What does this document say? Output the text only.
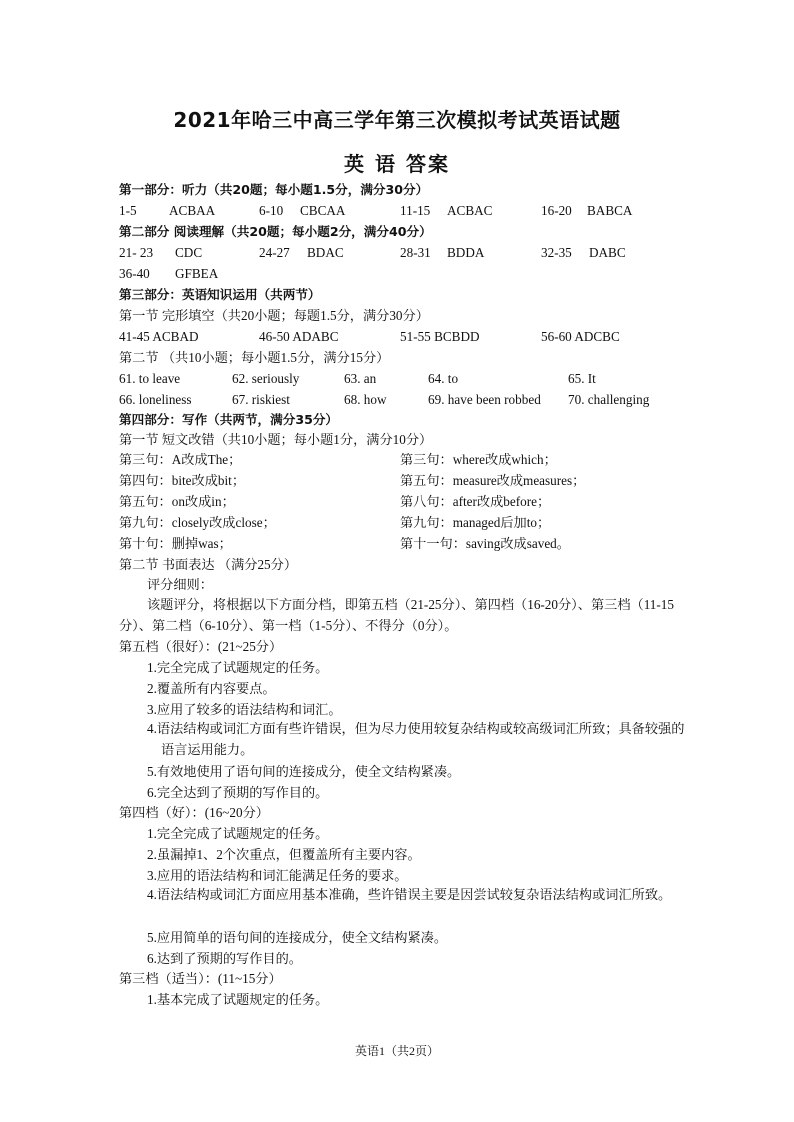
2021年哈三中高三学年第三次模拟考试英语试题
英 语 答案
第一部分：听力（共20题；每小题1.5分，满分30分）
1-5 ACBAA	6-10 CBCAA	11-15 ACBAC	16-20 BABCA
第二部分 阅读理解（共20题；每小题2分，满分40分）
21- 23 CDC	24-27 BDAC	28-31 BDDA	32-35 DABC
36-40 GFBEA
第三部分：英语知识运用（共两节）
第一节 完形填空（共20小题；每题1.5分，满分30分）
41-45 ACBAD	46-50 ADABC	51-55 BCBDD	56-60 ADCBC
第二节 （共10小题；每小题1.5分，满分15分）
61. to leave	62. seriously	63. an	64. to	65. It
66. loneliness	67. riskiest	68. how	69. have been robbed 70. challenging
第四部分：写作（共两节，满分35分）
第一节 短文改错（共10小题；每小题1分，满分10分）
第三句：A改成The；	第三句：where改成which；
第四句：bite改成bit；	第五句：measure改成measures；
第五句：on改成in；	第八句：after改成before；
第九句：closely改成close；	第九句：managed后加to；
第十句：删掉was；	第十一句：saving改成saved。
第二节 书面表达 （满分25分）
评分细则：
该题评分，将根据以下方面分档，即第五档（21-25分）、第四档（16-20分）、第三档（11-15分）、第二档（6-10分）、第一档（1-5分）、不得分（0分）。
第五档（很好）：(21~25分）
1.完全完成了试题规定的任务。
2.覆盖所有内容要点。
3.应用了较多的语法结构和词汇。
4.语法结构或词汇方面有些许错误，但为尽力使用较复杂结构或较高级词汇所致；具备较强的语言运用能力。
5.有效地使用了语句间的连接成分，使全文结构紧凑。
6.完全达到了预期的写作目的。
第四档（好）：(16~20分）
1.完全完成了试题规定的任务。
2.虽漏掉1、2个次重点，但覆盖所有主要内容。
3.应用的语法结构和词汇能满足任务的要求。
4.语法结构或词汇方面应用基本准确，些许错误主要是因尝试较复杂语法结构或词汇所致。
5.应用简单的语句间的连接成分，使全文结构紧凑。
6.达到了预期的写作目的。
第三档（适当）：(11~15分）
1.基本完成了试题规定的任务。
英语1（共2页）
